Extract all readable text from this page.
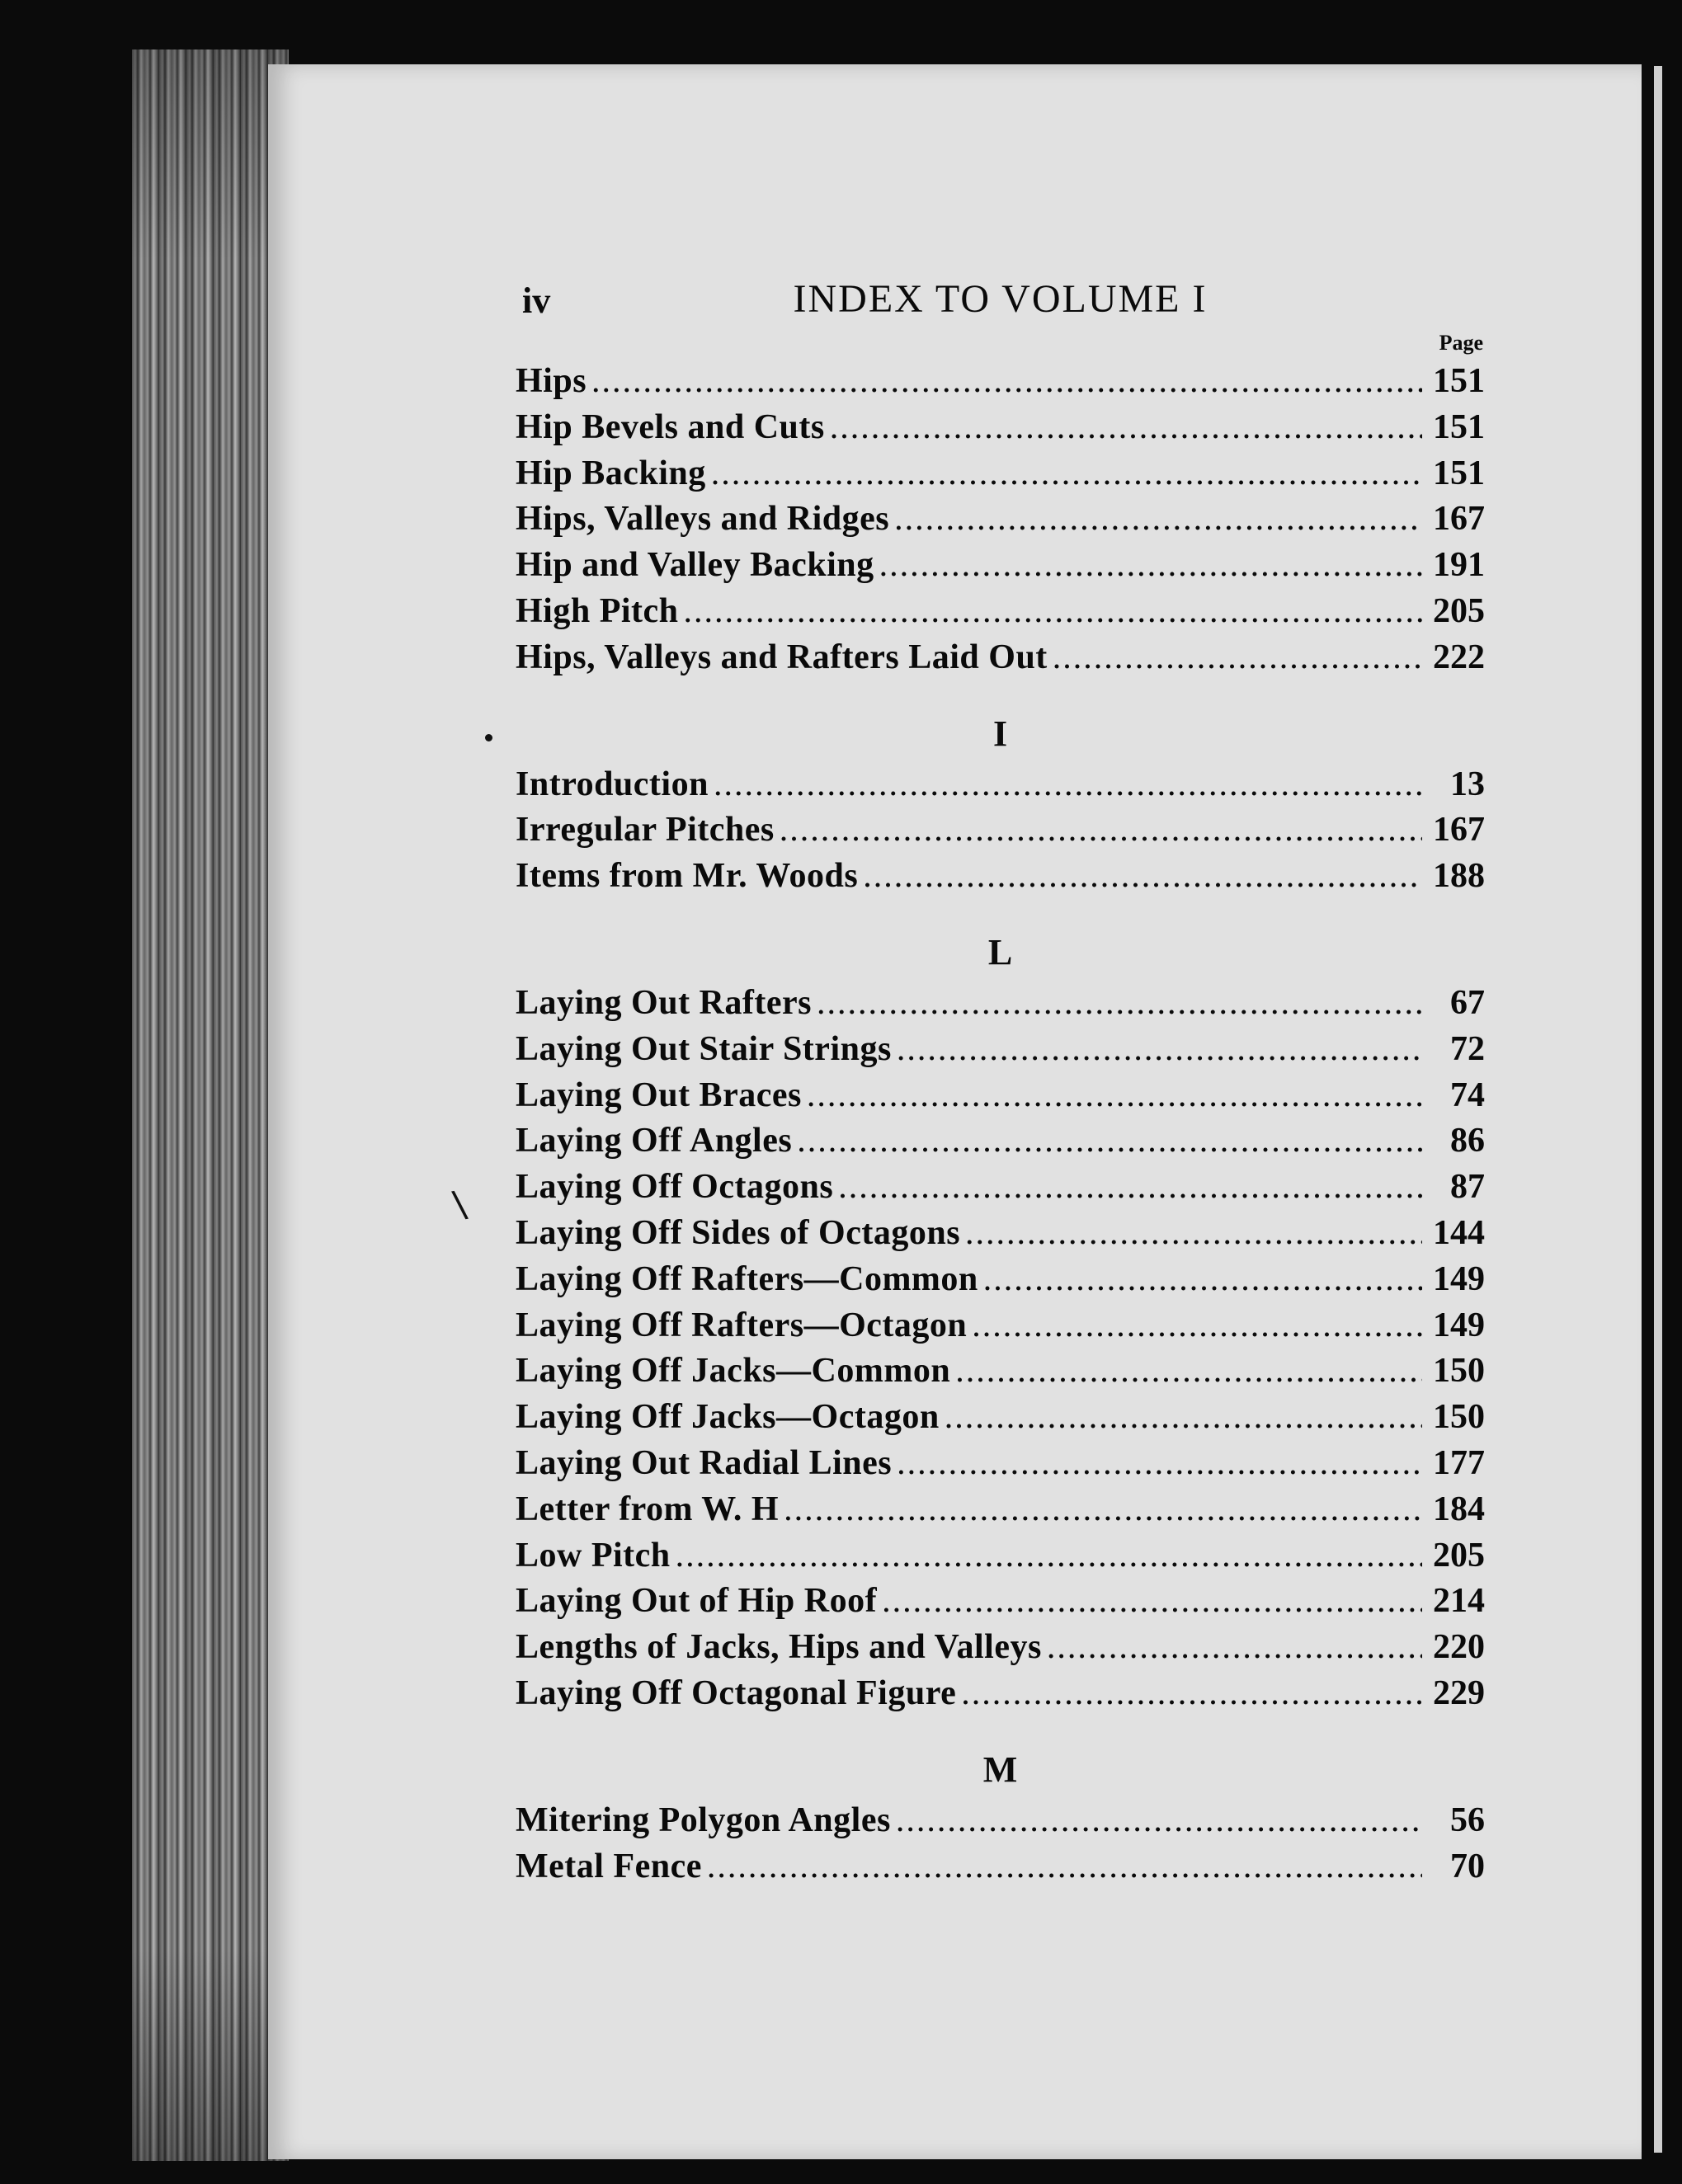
\
iv	INDEX TO VOLUME I
Page
Hips .....	151
Hip Bevels and Cuts .....	151
Hip Backing .....	151
Hips, Valleys and Ridges .....	167
Hip and Valley Backing .....	191
High Pitch .....	205
Hips, Valleys and Rafters Laid Out .....	222
I
Introduction .....	13
Irregular Pitches .....	167
Items from Mr. Woods .....	188
L
Laying Out Rafters .....	67
Laying Out Stair Strings .....	72
Laying Out Braces .....	74
Laying Off Angles .....	86
Laying Off Octagons .....	87
Laying Off Sides of Octagons .....	144
Laying Off Rafters—Common .....	149
Laying Off Rafters—Octagon .....	149
Laying Off Jacks—Common .....	150
Laying Off Jacks—Octagon .....	150
Laying Out Radial Lines .....	177
Letter from W. H .....	184
Low Pitch .....	205
Laying Out of Hip Roof .....	214
Lengths of Jacks, Hips and Valleys .....	220
Laying Off Octagonal Figure .....	229
M
Mitering Polygon Angles .....	56
Metal Fence .....	70
